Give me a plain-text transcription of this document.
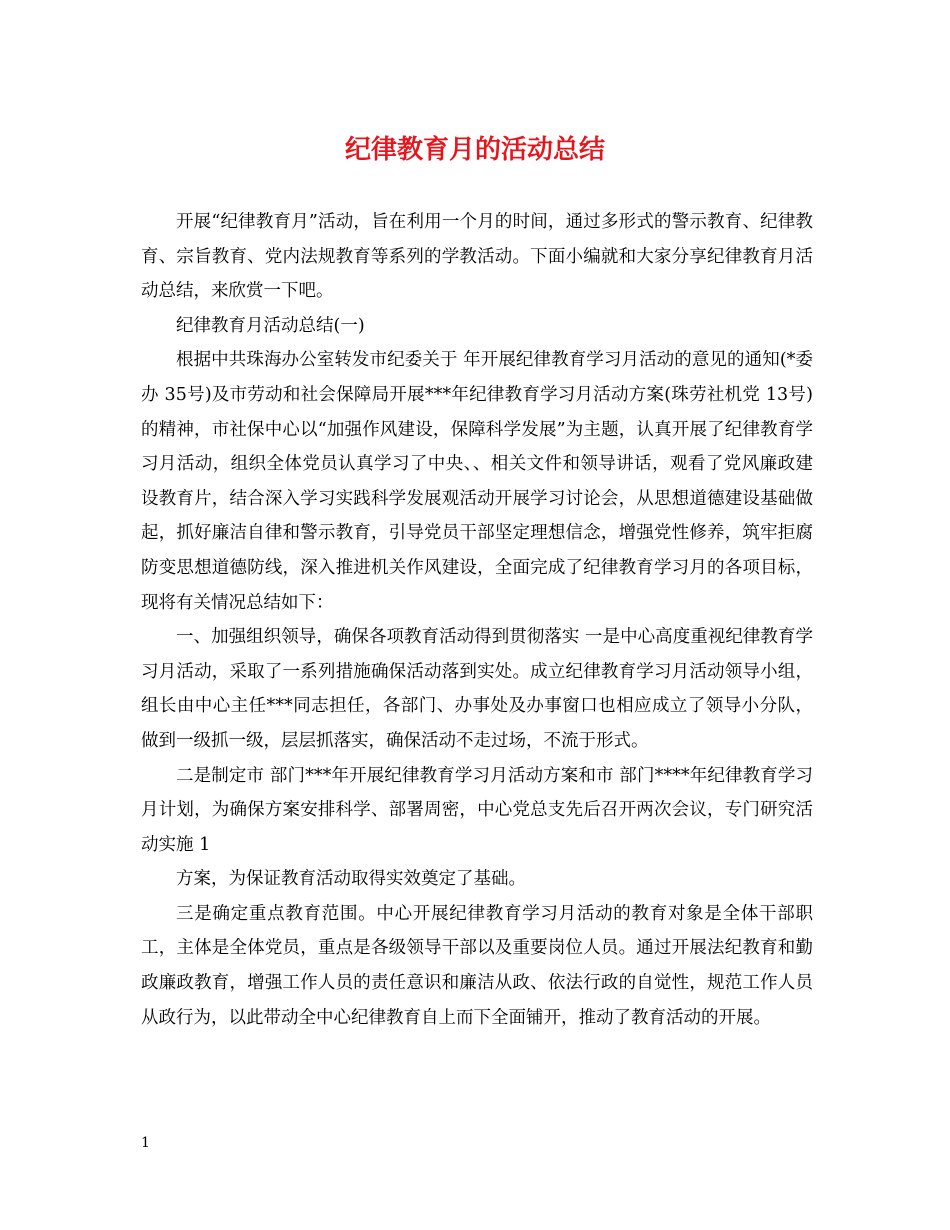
纪律教育月的活动总结

开展“纪律教育月”活动，旨在利用一个月的时间，通过多形式的警示教育、纪律教育、宗旨教育、党内法规教育等系列的学教活动。下面小编就和大家分享纪律教育月活动总结，来欣赏一下吧。

纪律教育月活动总结(一)

根据中共珠海办公室转发市纪委关于 年开展纪律教育学习月活动的意见的通知(*委办 35号)及市劳动和社会保障局开展***年纪律教育学习月活动方案(珠劳社机党 13号)的精神，市社保中心以“加强作风建设，保障科学发展”为主题，认真开展了纪律教育学习月活动，组织全体党员认真学习了中央、、相关文件和领导讲话，观看了党风廉政建设教育片，结合深入学习实践科学发展观活动开展学习讨论会，从思想道德建设基础做起，抓好廉洁自律和警示教育，引导党员干部坚定理想信念，增强党性修养，筑牢拒腐防变思想道德防线，深入推进机关作风建设，全面完成了纪律教育学习月的各项目标，现将有关情况总结如下：

一、加强组织领导，确保各项教育活动得到贯彻落实 一是中心高度重视纪律教育学习月活动，采取了一系列措施确保活动落到实处。成立纪律教育学习月活动领导小组，组长由中心主任***同志担任，各部门、办事处及办事窗口也相应成立了领导小分队，做到一级抓一级，层层抓落实，确保活动不走过场，不流于形式。

二是制定市 部门***年开展纪律教育学习月活动方案和市 部门****年纪律教育学习月计划，为确保方案安排科学、部署周密，中心党总支先后召开两次会议，专门研究活动实施 1

方案，为保证教育活动取得实效奠定了基础。

三是确定重点教育范围。中心开展纪律教育学习月活动的教育对象是全体干部职工，主体是全体党员，重点是各级领导干部以及重要岗位人员。通过开展法纪教育和勤政廉政教育，增强工作人员的责任意识和廉洁从政、依法行政的自觉性，规范工作人员从政行为，以此带动全中心纪律教育自上而下全面铺开，推动了教育活动的开展。

1
